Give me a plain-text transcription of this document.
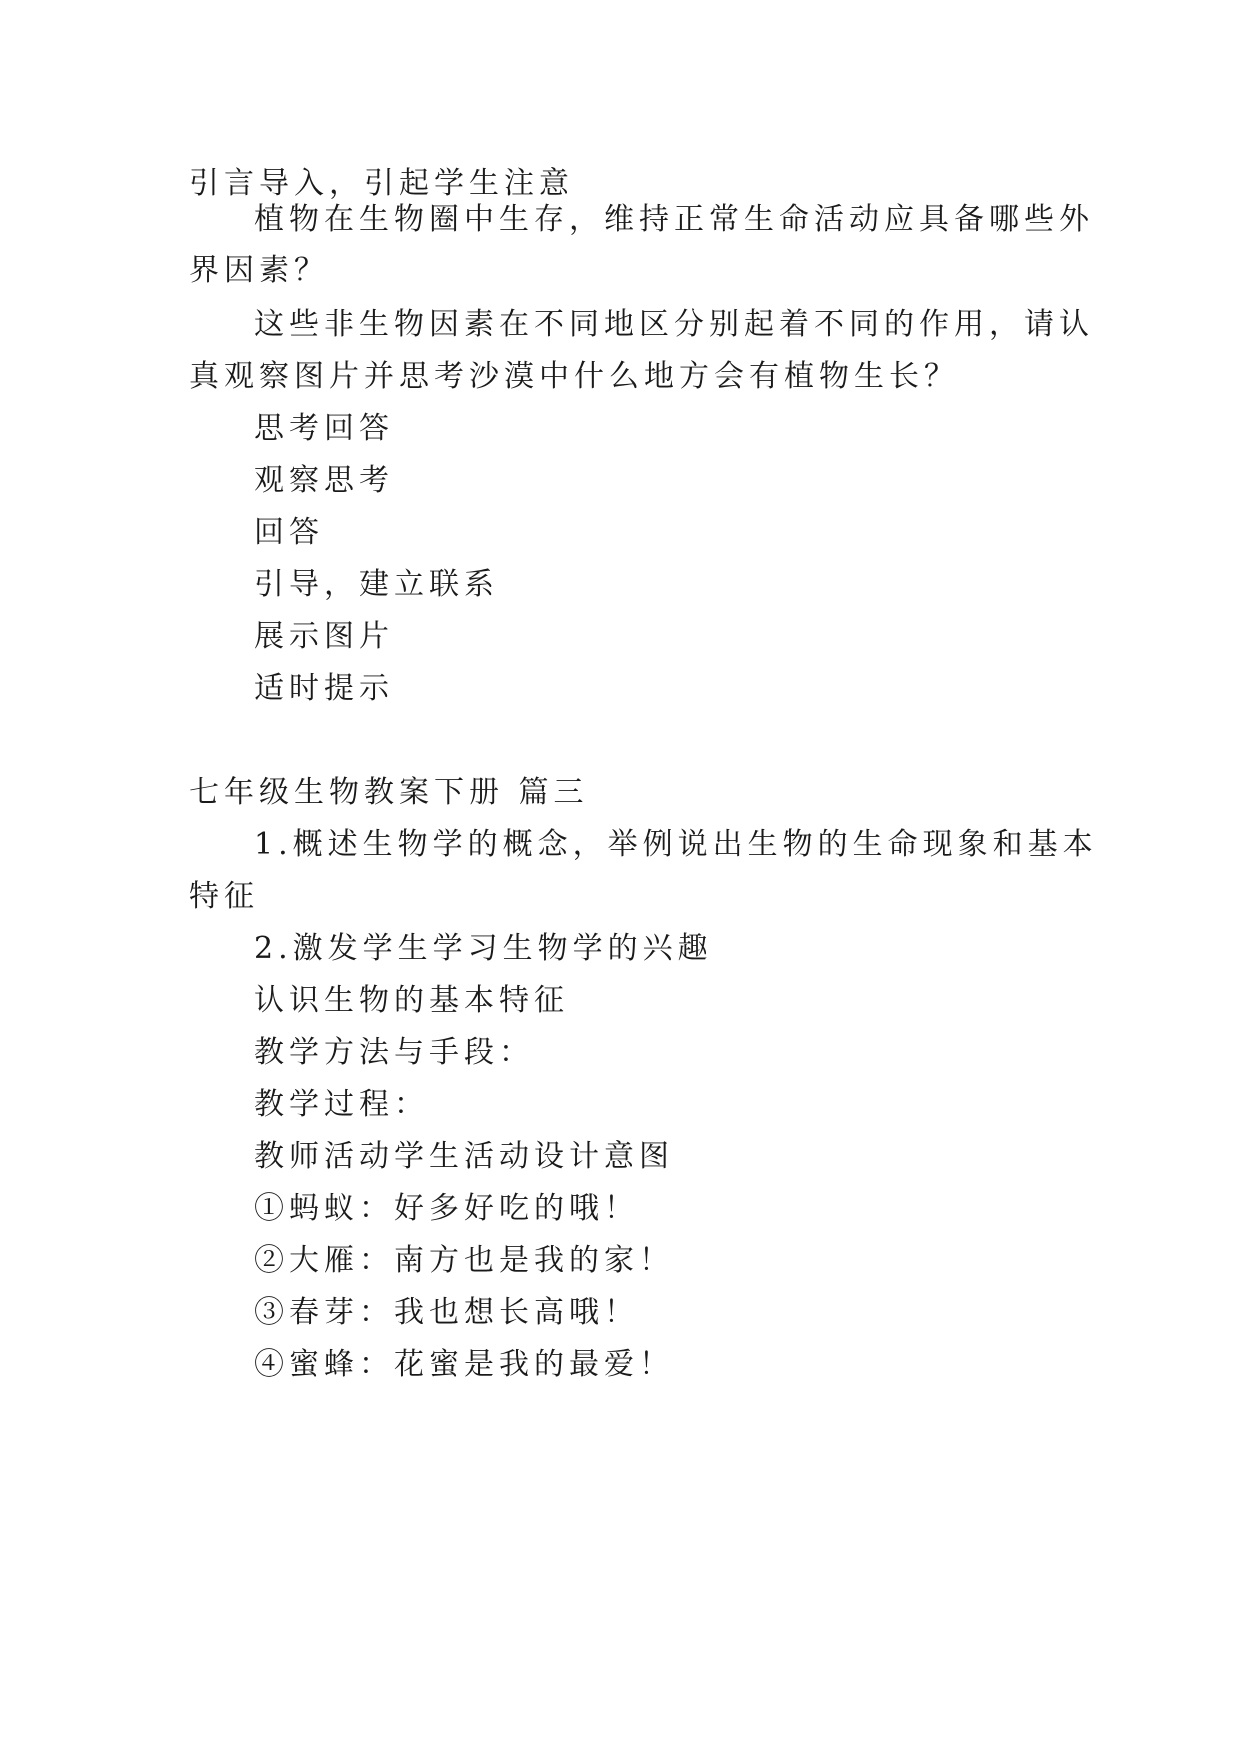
引言导入，引起学生注意
植物在生物圈中生存，维持正常生命活动应具备哪些外
界因素？
这些非生物因素在不同地区分别起着不同的作用，请认
真观察图片并思考沙漠中什么地方会有植物生长？
思考回答
观察思考
回答
引导，建立联系
展示图片
适时提示
七年级生物教案下册 篇三
1.概述生物学的概念，举例说出生物的生命现象和基本
特征
2.激发学生学习生物学的兴趣
认识生物的基本特征
教学方法与手段：
教学过程：
教师活动学生活动设计意图
①蚂蚁：好多好吃的哦！
②大雁：南方也是我的家！
③春芽：我也想长高哦！
④蜜蜂：花蜜是我的最爱！
